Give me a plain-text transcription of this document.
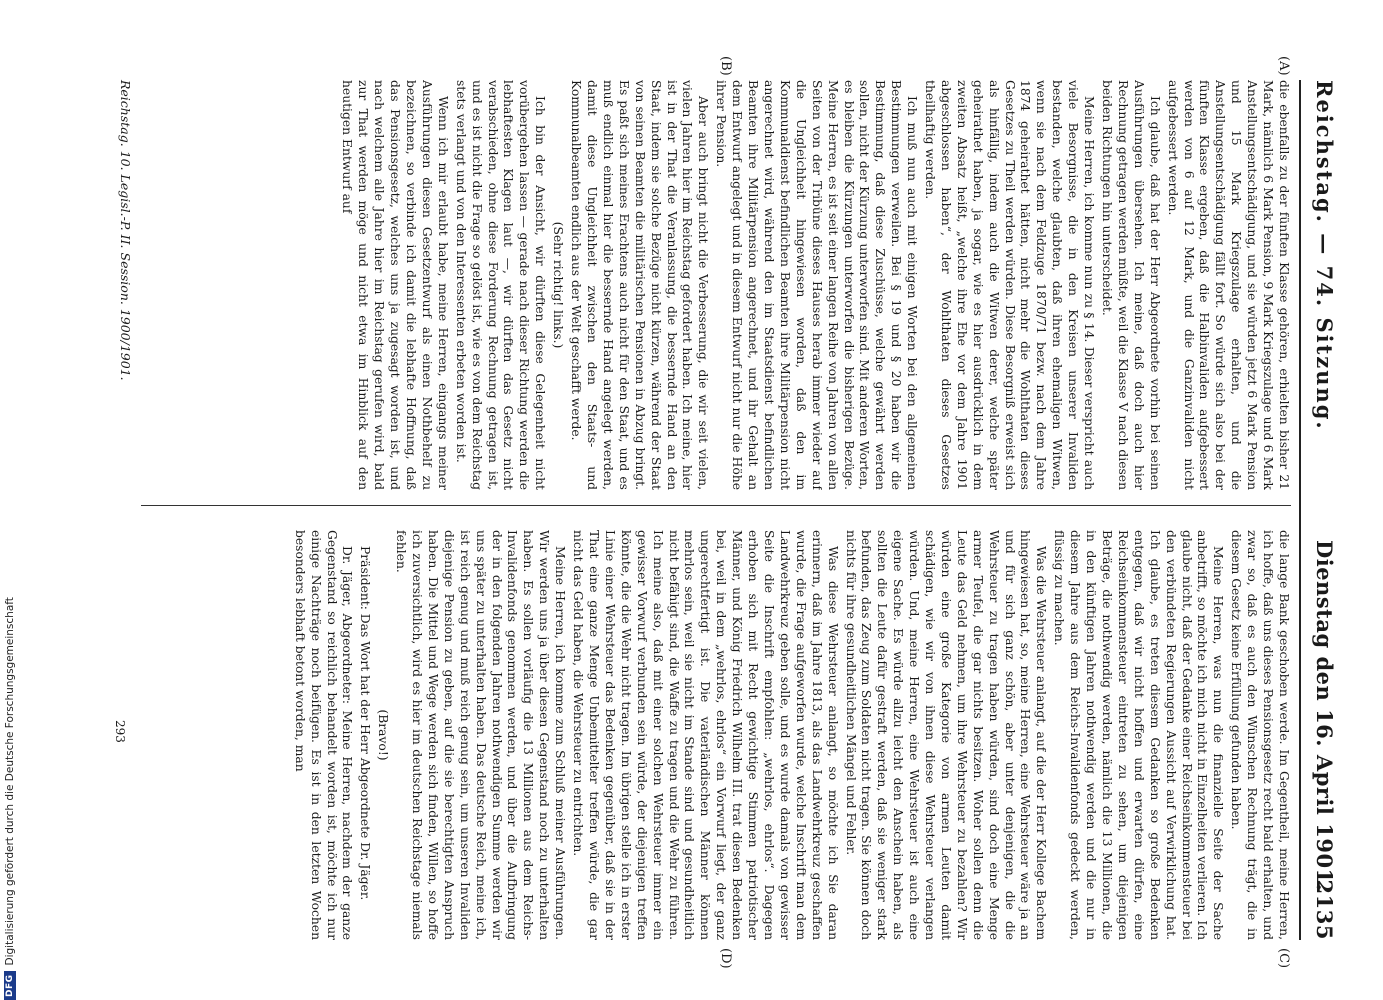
DFG
Digitalisierung gefördert durch die Deutsche Forschungsgemeinschaft
Reichstag. — 74. Sitzung.
Dienstag den 16. April 1901.
2135
(A)
(B)
(C)
(D)

die ebenfalls zu der fünften Klasse gehören, erhielten bisher 21 Mark, nämlich 6 Mark Pension, 9 Mark Kriegszulage und 6 Mark Anstellungsentschädigung, und sie würden jetzt 6 Mark Pension und 15 Mark Kriegszulage erhalten, und die Anstellungsentschädigung fällt fort. So würde sich also bei der fünften Klasse ergeben, daß die Halbinvaliden aufgebessert werden von 6 auf 12 Mark, und die Ganzinvaliden nicht aufgebessert werden.

Ich glaube, daß hat der Herr Abgeordnete vorhin bei seinen Ausführungen übersehen. Ich meine, daß doch auch hier Rechnung getragen werden müßte, weil die Klasse V nach diesen beiden Richtungen hin unterscheidet.

Meine Herren, ich komme nun zu § 14. Dieser verspricht auch viele Besorgnisse, die in den Kreisen unserer Invaliden bestanden, welche glaubten, daß ihren ehemaligen Witwen, wenn sie nach dem Feldzuge 1870/71 bezw. nach dem Jahre 1874 geheirathet hätten, nicht mehr die Wohlthaten dieses Gesetzes zu Theil werden würden. Diese Besorgniß erweist sich als hinfällig, indem auch die Witwen derer, welche später geheirathet haben, ja sogar, wie es hier ausdrücklich in dem zweiten Absatz heißt, „welche ihre Ehe vor dem Jahre 1901 abgeschlossen haben“, der Wohlthaten dieses Gesetzes theilhaftig werden.

Ich muß nun auch mit einigen Worten bei den allgemeinen Bestimmungen verweilen. Bei § 19 und § 20 haben wir die Bestimmung, daß diese Zuschüsse, welche gewährt werden sollen, nicht der Kürzung unterworfen sind. Mit anderen Worten, es bleiben die Kürzungen unterworfen die bisherigen Bezüge. Meine Herren, es ist seit einer langen Reihe von Jahren von allen Seiten von der Tribüne dieses Hauses herab immer wieder auf die Ungleichheit hingewiesen worden, daß den im Kommunaldienst befindlichen Beamten ihre Militärpension nicht angerechnet wird, während den im Staatsdienst befindlichen Beamten ihre Militärpension angerechnet, und ihr Gehalt an dem Entwurf angelegt und in diesem Entwurf nicht nur die Höhe ihrer Pension.

Aber auch bringt nicht die Verbesserung, die wir seit vielen, vielen Jahren hier im Reichstag gefordert haben. Ich meine, hier ist in der That die Veranlassung, die bessernde Hand an den Staat, indem sie solche Bezüge nicht kürzen, während der Staat von seinen Beamten die militärischen Pensionen in Abzug bringt. Es paßt sich meines Erachtens auch nicht für den Staat, und es muß endlich einmal hier die bessernde Hand angelegt werden, damit diese Ungleichheit zwischen den Staats- und Kommunalbeamten endlich aus der Welt geschafft werde.

(Sehr richtig! links.)

Ich bin der Ansicht, wir dürften diese Gelegenheit nicht vorübergehen lassen — gerade nach dieser Richtung werden die lebhaftesten Klagen laut —, wir dürften das Gesetz nicht verabschieden, ohne diese Forderung Rechnung getragen ist, und es ist nicht die Frage so gelöst ist, wie es von dem Reichstag stets verlangt und von den Interessenten erbeten worden ist.

Wenn ich mir erlaubt habe, meine Herren, eingangs meiner Ausführungen diesen Gesetzentwurf als einen Nothbehelf zu bezeichnen, so verbinde ich damit die lebhafte Hoffnung, daß das Pensionsgesetz, welches uns ja zugesagt worden ist, und nach welchem alle Jahre hier im Reichstag gerufen wird, bald zur That werden möge und nicht etwa im Hinblick auf den heutigen Entwurf auf

die lange Bank geschoben werde. Im Gegentheil, meine Herren, ich hoffe, daß uns dieses Pensionsgesetz recht bald erhalten, und zwar so, daß es auch den Wünschen Rechnung trägt, die in diesem Gesetz keine Erfüllung gefunden haben.

Meine Herren, was nun die finanzielle Seite der Sache anbetrifft, so möchte ich mich nicht in Einzelheiten verlieren. Ich glaube nicht, daß der Gedanke einer Reichseinkommensteuer bei den verbündeten Regierungen Aussicht auf Verwirklichung hat. Ich glaube, es treten diesem Gedanken so große Bedenken entgegen, daß wir nicht hoffen und erwarten dürfen, eine Reichseinkommensteuer eintreten zu sehen, um diejenigen Beträge, die nothwendig werden, nämlich die 13 Millionen, die in den künftigen Jahren nothwendig werden und die nur in diesem Jahre aus dem Reichs-Invalidenfonds gedeckt werden, flüssig zu machen.

Was die Wehrsteuer anlangt, auf die der Herr Kollege Bachem hingewiesen hat, so, meine Herren, eine Wehrsteuer wäre ja an und für sich ganz schön, aber unter denjenigen, die die Wehrsteuer zu tragen haben würden, sind doch eine Menge armer Teufel, die gar nichts besitzen. Woher sollen denn die Leute das Geld nehmen, um ihre Wehrsteuer zu bezahlen? Wir würden eine große Kategorie von armen Leuten damit schädigen, wie wir von ihnen diese Wehrsteuer verlangen würden. Und, meine Herren, eine Wehrsteuer ist auch eine eigene Sache. Es würde allzu leicht den Anschein haben, als sollten die Leute dafür gestraft werden, daß sie weniger stark befunden, das Zeug zum Soldaten nicht tragen. Sie können doch nichts für ihre gesundheitlichen Mängel und Fehler.

Was diese Wehrsteuer anlangt, so möchte ich Sie daran erinnern, daß im Jahre 1813, als das Landwehrkreuz geschaffen wurde, die Frage aufgeworfen wurde, welche Inschrift man dem Landwehrkreuz geben solle, und es wurde damals von gewisser Seite die Inschrift empfohlen: „wehrlos, ehrlos“. Dagegen erhoben sich mit Recht gewichtige Stimmen patriotischer Männer, und König Friedrich Wilhelm III. trat diesen Bedenken bei, weil in dem „wehrlos, ehrlos“ ein Vorwurf liegt, der ganz ungerechtfertigt ist. Die vaterländischen Männer können mehrlos sein, weil sie nicht im Stande sind und gesundheitlich nicht befähigt sind, die Waffe zu tragen und die Wehr zu führen. Ich meine also, daß mit einer solchen Wehrsteuer immer ein gewisser Vorwurf verbunden sein würde, der diejenigen treffen könnte, die die Wehr nicht tragen. Im übrigen stelle ich in erster Linie einer Wehrsteuer das Bedenken gegenüber, daß sie in der That eine ganze Menge Unbemittelter treffen würde, die gar nicht das Geld haben, die Wehrsteuer zu entrichten.

Meine Herren, ich komme zum Schluß meiner Ausführungen. Wir werden uns ja über diesen Gegenstand noch zu unterhalten haben. Es sollen vorläufig die 13 Millionen aus dem Reichs-Invalidenfonds genommen werden, und über die Aufbringung der in den folgenden Jahren nothwendigen Summe werden wir uns später zu unterhalten haben. Das deutsche Reich, meine ich, ist reich genug und muß reich genug sein, um unseren Invaliden diejenige Pension zu geben, auf die sie berechtigten Anspruch haben. Die Mittel und Wege werden sich finden, Willen, so hoffe ich zuversichtlich, wird es hier im deutschen Reichstage niemals fehlen.

(Bravo!)

Präsident: Das Wort hat der Herr Abgeordnete Dr. Jäger.

Dr. Jäger, Abgeordneter: Meine Herren, nachdem der ganze Gegenstand so reichlich behandelt worden ist, möchte ich nur einige Nachträge noch beifügen. Es ist in den letzten Wochen besonders lebhaft betont worden, man

Reichstag. 10. Legisl.-P. II. Session. 1900/1901.
293
